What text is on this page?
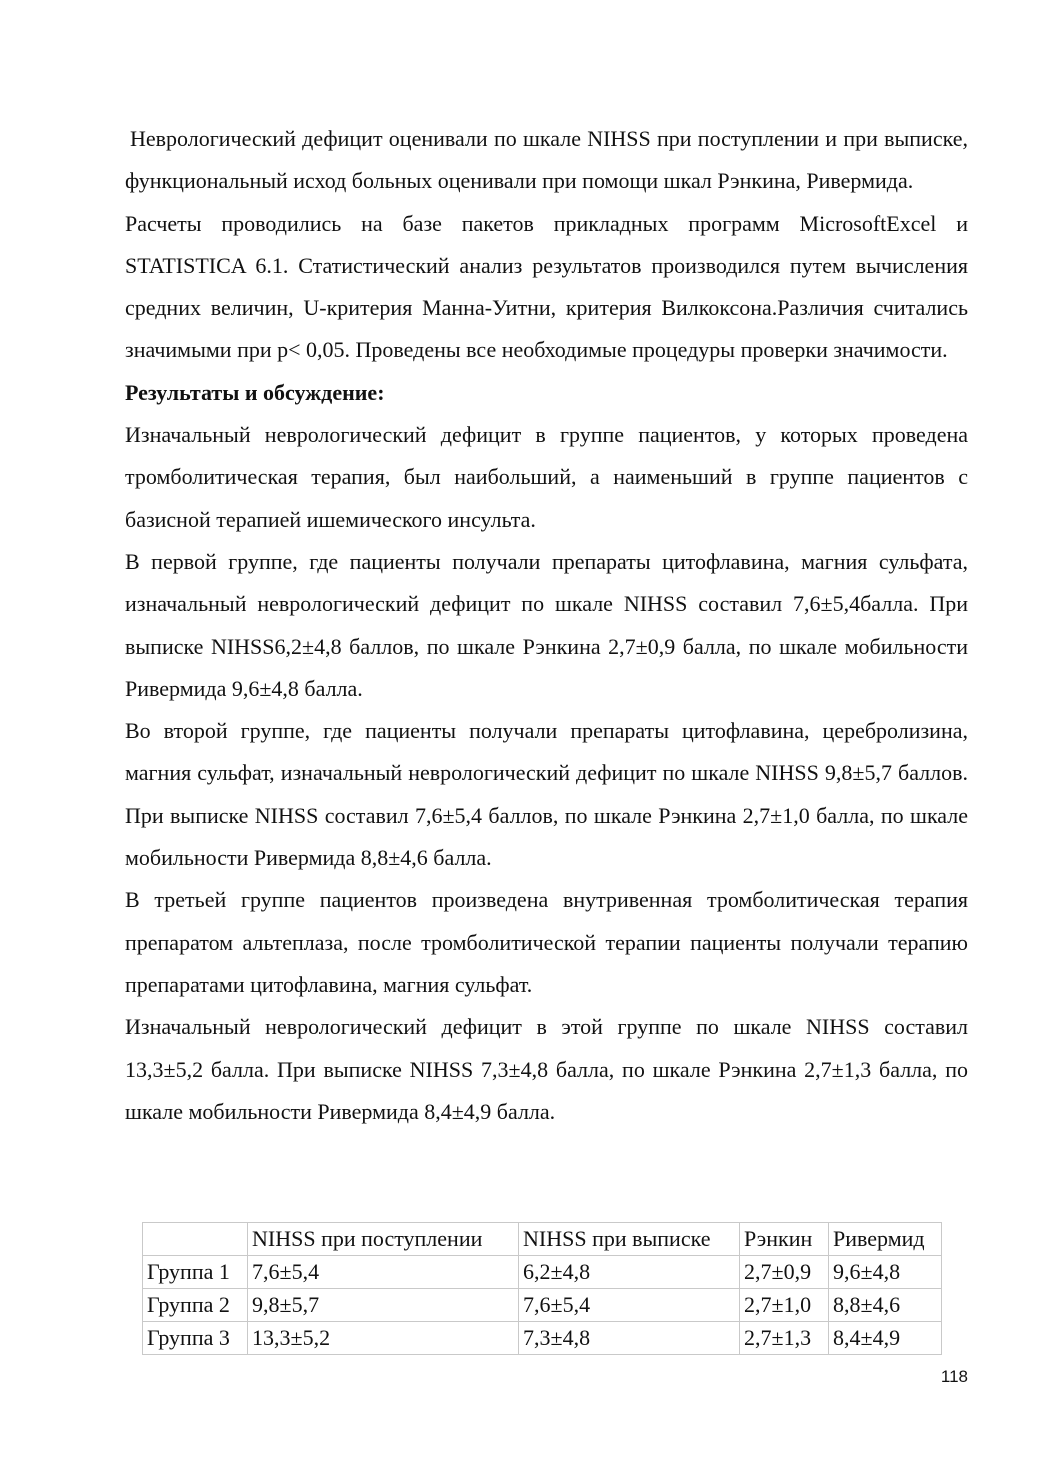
Неврологический дефицит оценивали по шкале NIHSS при поступлении и при выписке, функциональный исход больных оценивали при помощи шкал Рэнкина, Ривермида.

Расчеты проводились на базе пакетов прикладных программ MicrosoftExcel и STATISTICA 6.1. Статистический анализ результатов производился путем вычисления средних величин, U-критерия Манна-Уитни, критерия Вилкоксона.Различия считались значимыми при p< 0,05. Проведены все необходимые процедуры проверки значимости.

Результаты и обсуждение:

Изначальный неврологический дефицит в группе пациентов, у которых проведена тромболитическая терапия, был наибольший, а наименьший в группе пациентов с базисной терапией ишемического инсульта.

В первой группе, где пациенты получали препараты цитофлавина, магния сульфата, изначальный неврологический дефицит по шкале NIHSS составил 7,6±5,4балла. При выписке NIHSS6,2±4,8 баллов, по шкале Рэнкина 2,7±0,9 балла, по шкале мобильности Ривермида 9,6±4,8 балла.

Во второй группе, где пациенты получали препараты цитофлавина, церебролизина, магния сульфат, изначальный неврологический дефицит по шкале NIHSS 9,8±5,7 баллов. При выписке NIHSS составил 7,6±5,4 баллов, по шкале Рэнкина 2,7±1,0 балла, по шкале мобильности Ривермида 8,8±4,6 балла.

В третьей группе пациентов произведена внутривенная тромболитическая терапия препаратом альтеплаза, после тромболитической терапии пациенты получали терапию препаратами цитофлавина, магния сульфат.

Изначальный неврологический дефицит в этой группе по шкале NIHSS составил 13,3±5,2 балла. При выписке NIHSS 7,3±4,8 балла, по шкале Рэнкина 2,7±1,3 балла, по шкале мобильности Ривермида 8,4±4,9 балла.

	NIHSS при поступлении	NIHSS при выписке	Рэнкин	Ривермид
Группа 1	7,6±5,4	6,2±4,8	2,7±0,9	9,6±4,8
Группа 2	9,8±5,7	7,6±5,4	2,7±1,0	8,8±4,6
Группа 3	13,3±5,2	7,3±4,8	2,7±1,3	8,4±4,9
118
